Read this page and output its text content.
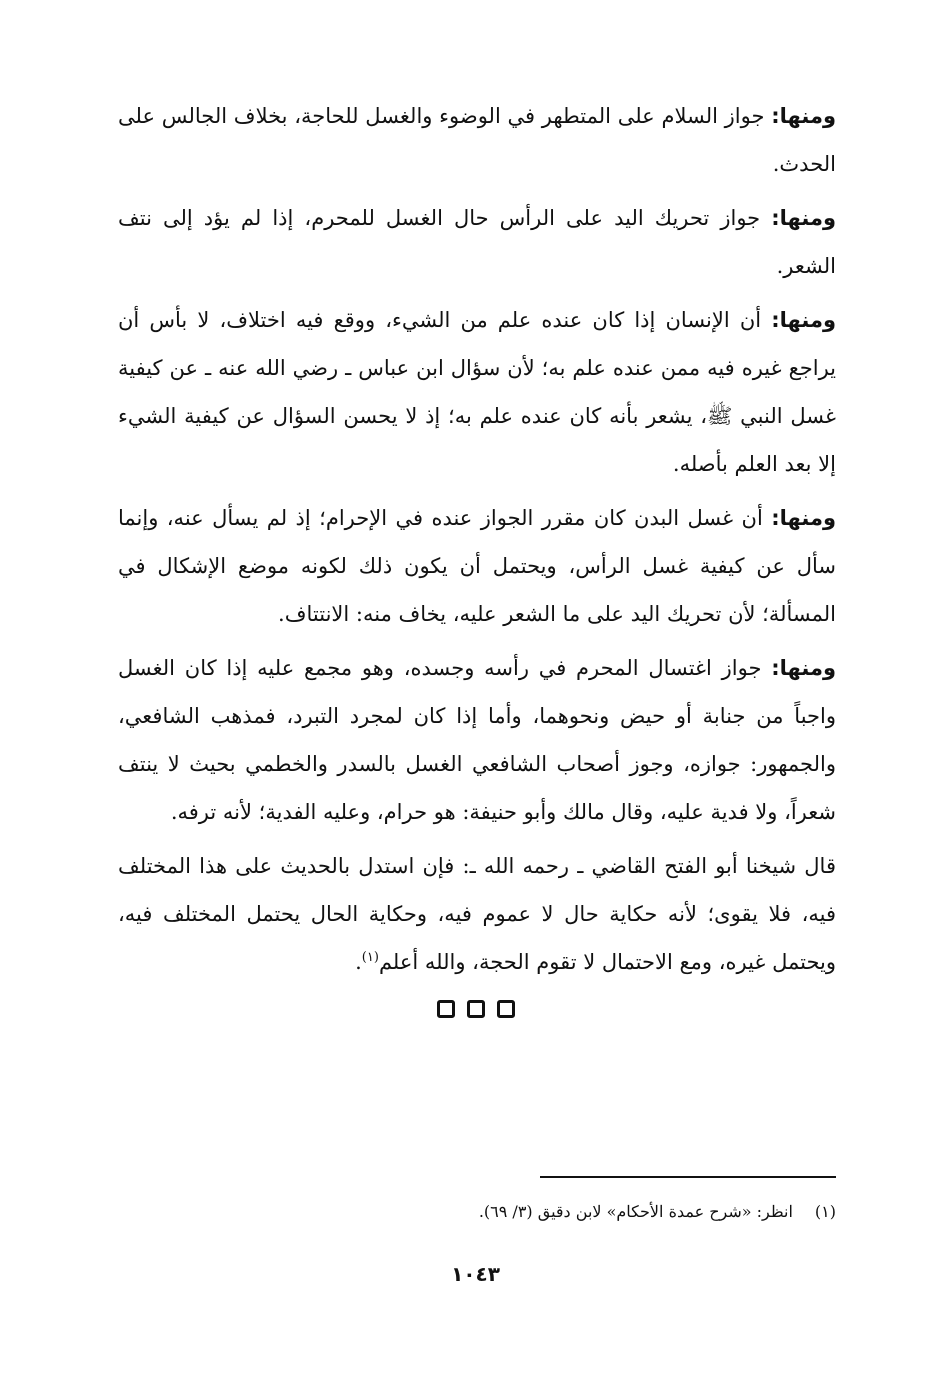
ومنها: جواز السلام على المتطهر في الوضوء والغسل للحاجة، بخلاف الجالس على الحدث.

ومنها: جواز تحريك اليد على الرأس حال الغسل للمحرم، إذا لم يؤد إلى نتف الشعر.

ومنها: أن الإنسان إذا كان عنده علم من الشيء، ووقع فيه اختلاف، لا بأس أن يراجع غيره فيه ممن عنده علم به؛ لأن سؤال ابن عباس ـ رضي الله عنه ـ عن كيفية غسل النبي ﷺ، يشعر بأنه كان عنده علم به؛ إذ لا يحسن السؤال عن كيفية الشيء إلا بعد العلم بأصله.

ومنها: أن غسل البدن كان مقرر الجواز عنده في الإحرام؛ إذ لم يسأل عنه، وإنما سأل عن كيفية غسل الرأس، ويحتمل أن يكون ذلك لكونه موضع الإشكال في المسألة؛ لأن تحريك اليد على ما الشعر عليه، يخاف منه: الانتتاف.

ومنها: جواز اغتسال المحرم في رأسه وجسده، وهو مجمع عليه إذا كان الغسل واجباً من جنابة أو حيض ونحوهما، وأما إذا كان لمجرد التبرد، فمذهب الشافعي، والجمهور: جوازه، وجوز أصحاب الشافعي الغسل بالسدر والخطمي بحيث لا ينتف شعراً، ولا فدية عليه، وقال مالك وأبو حنيفة: هو حرام، وعليه الفدية؛ لأنه ترفه.

قال شيخنا أبو الفتح القاضي ـ رحمه الله ـ: فإن استدل بالحديث على هذا المختلف فيه، فلا يقوى؛ لأنه حكاية حال لا عموم فيه، وحكاية الحال يحتمل المختلف فيه، ويحتمل غيره، ومع الاحتمال لا تقوم الحجة، والله أعلم$^{(١)}$.

(١)انظر: «شرح عمدة الأحكام» لابن دقيق (٣/ ٦٩).
١٠٤٣
